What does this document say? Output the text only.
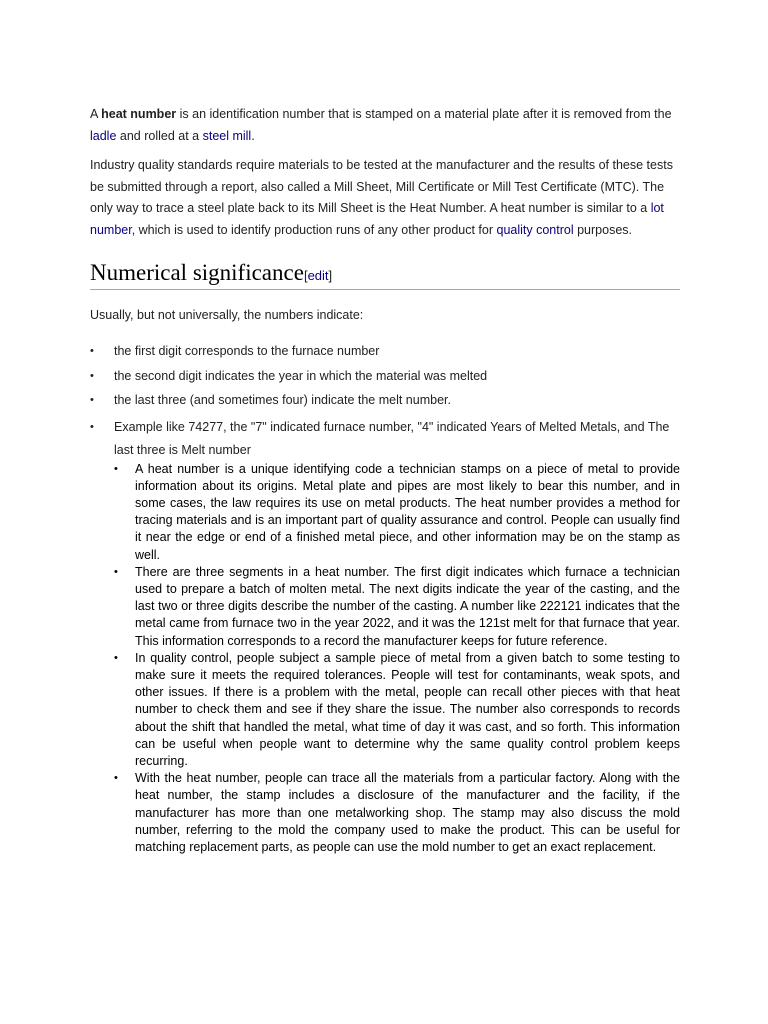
A heat number is an identification number that is stamped on a material plate after it is removed from the ladle and rolled at a steel mill.

Industry quality standards require materials to be tested at the manufacturer and the results of these tests be submitted through a report, also called a Mill Sheet, Mill Certificate or Mill Test Certificate (MTC). The only way to trace a steel plate back to its Mill Sheet is the Heat Number. A heat number is similar to a lot number, which is used to identify production runs of any other product for quality control purposes.

Numerical significance [edit]
Usually, but not universally, the numbers indicate:
• the first digit corresponds to the furnace number
• the second digit indicates the year in which the material was melted
• the last three (and sometimes four) indicate the melt number.
• Example like 74277, the "7" indicated furnace number, "4" indicated Years of Melted Metals, and The last three is Melt number
• A heat number is a unique identifying code a technician stamps on a piece of metal to provide information about its origins. Metal plate and pipes are most likely to bear this number, and in some cases, the law requires its use on metal products. The heat number provides a method for tracing materials and is an important part of quality assurance and control. People can usually find it near the edge or end of a finished metal piece, and other information may be on the stamp as well.
• There are three segments in a heat number. The first digit indicates which furnace a technician used to prepare a batch of molten metal. The next digits indicate the year of the casting, and the last two or three digits describe the number of the casting. A number like 222121 indicates that the metal came from furnace two in the year 2022, and it was the 121st melt for that furnace that year. This information corresponds to a record the manufacturer keeps for future reference.
• In quality control, people subject a sample piece of metal from a given batch to some testing to make sure it meets the required tolerances. People will test for contaminants, weak spots, and other issues. If there is a problem with the metal, people can recall other pieces with that heat number to check them and see if they share the issue. The number also corresponds to records about the shift that handled the metal, what time of day it was cast, and so forth. This information can be useful when people want to determine why the same quality control problem keeps recurring.
• With the heat number, people can trace all the materials from a particular factory. Along with the heat number, the stamp includes a disclosure of the manufacturer and the facility, if the manufacturer has more than one metalworking shop. The stamp may also discuss the mold number, referring to the mold the company used to make the product. This can be useful for matching replacement parts, as people can use the mold number to get an exact replacement.
